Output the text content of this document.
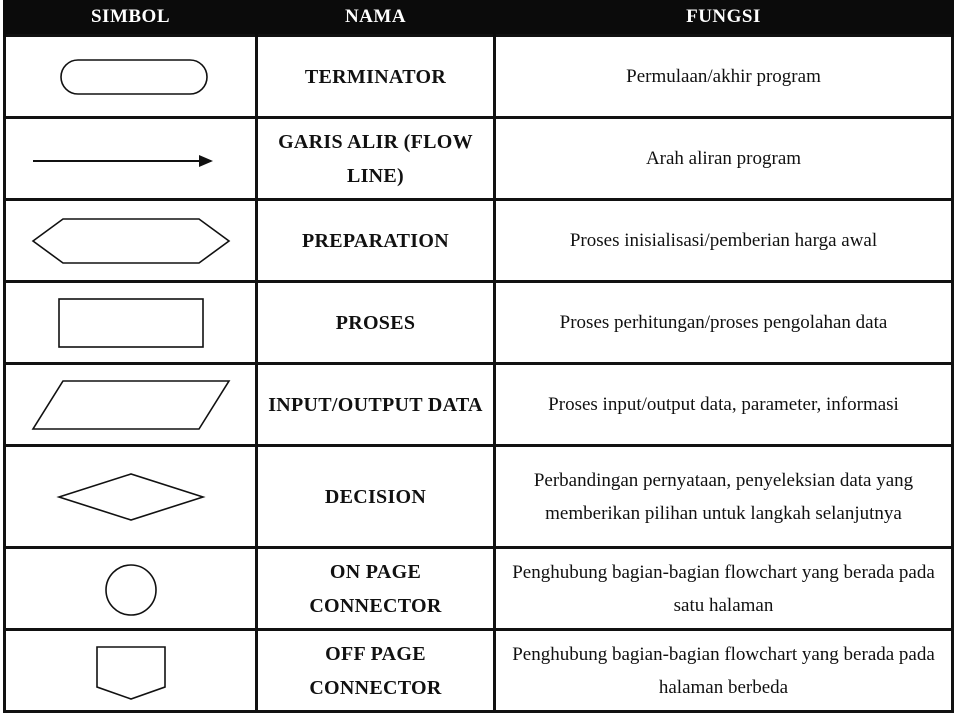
SIMBOL	NAMA	FUNGSI

	TERMINATOR	Permulaan/akhir program

	GARIS ALIR (FLOW LINE)	Arah aliran program

	PREPARATION	Proses inisialisasi/pemberian harga awal

	PROSES	Proses perhitungan/proses pengolahan data

	INPUT/OUTPUT DATA	Proses input/output data, parameter, informasi

	DECISION	Perbandingan pernyataan, penyeleksian data yang memberikan pilihan untuk langkah selanjutnya

	ON PAGE CONNECTOR	Penghubung bagian-bagian flowchart yang berada pada satu halaman

	OFF PAGE CONNECTOR	Penghubung bagian-bagian flowchart yang berada pada halaman berbeda
